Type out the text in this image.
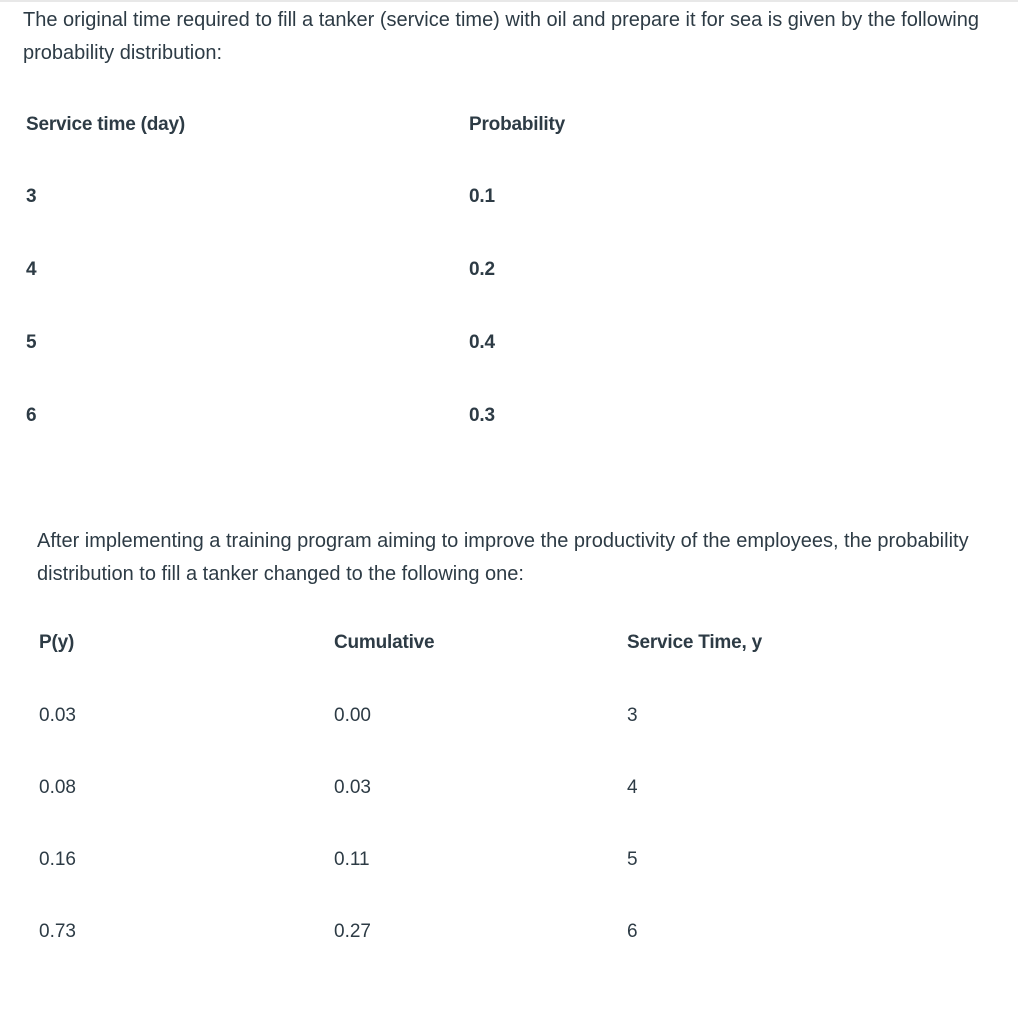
The original time required to fill a tanker (service time) with oil and prepare it for sea is given by the following probability distribution:

Service time (day)	Probability
3	0.1
4	0.2
5	0.4
6	0.3

After implementing a training program aiming to improve the productivity of the employees, the probability distribution to fill a tanker changed to the following one:

P(y)	Cumulative	Service Time, y
0.03	0.00	3
0.08	0.03	4
0.16	0.11	5
0.73	0.27	6
